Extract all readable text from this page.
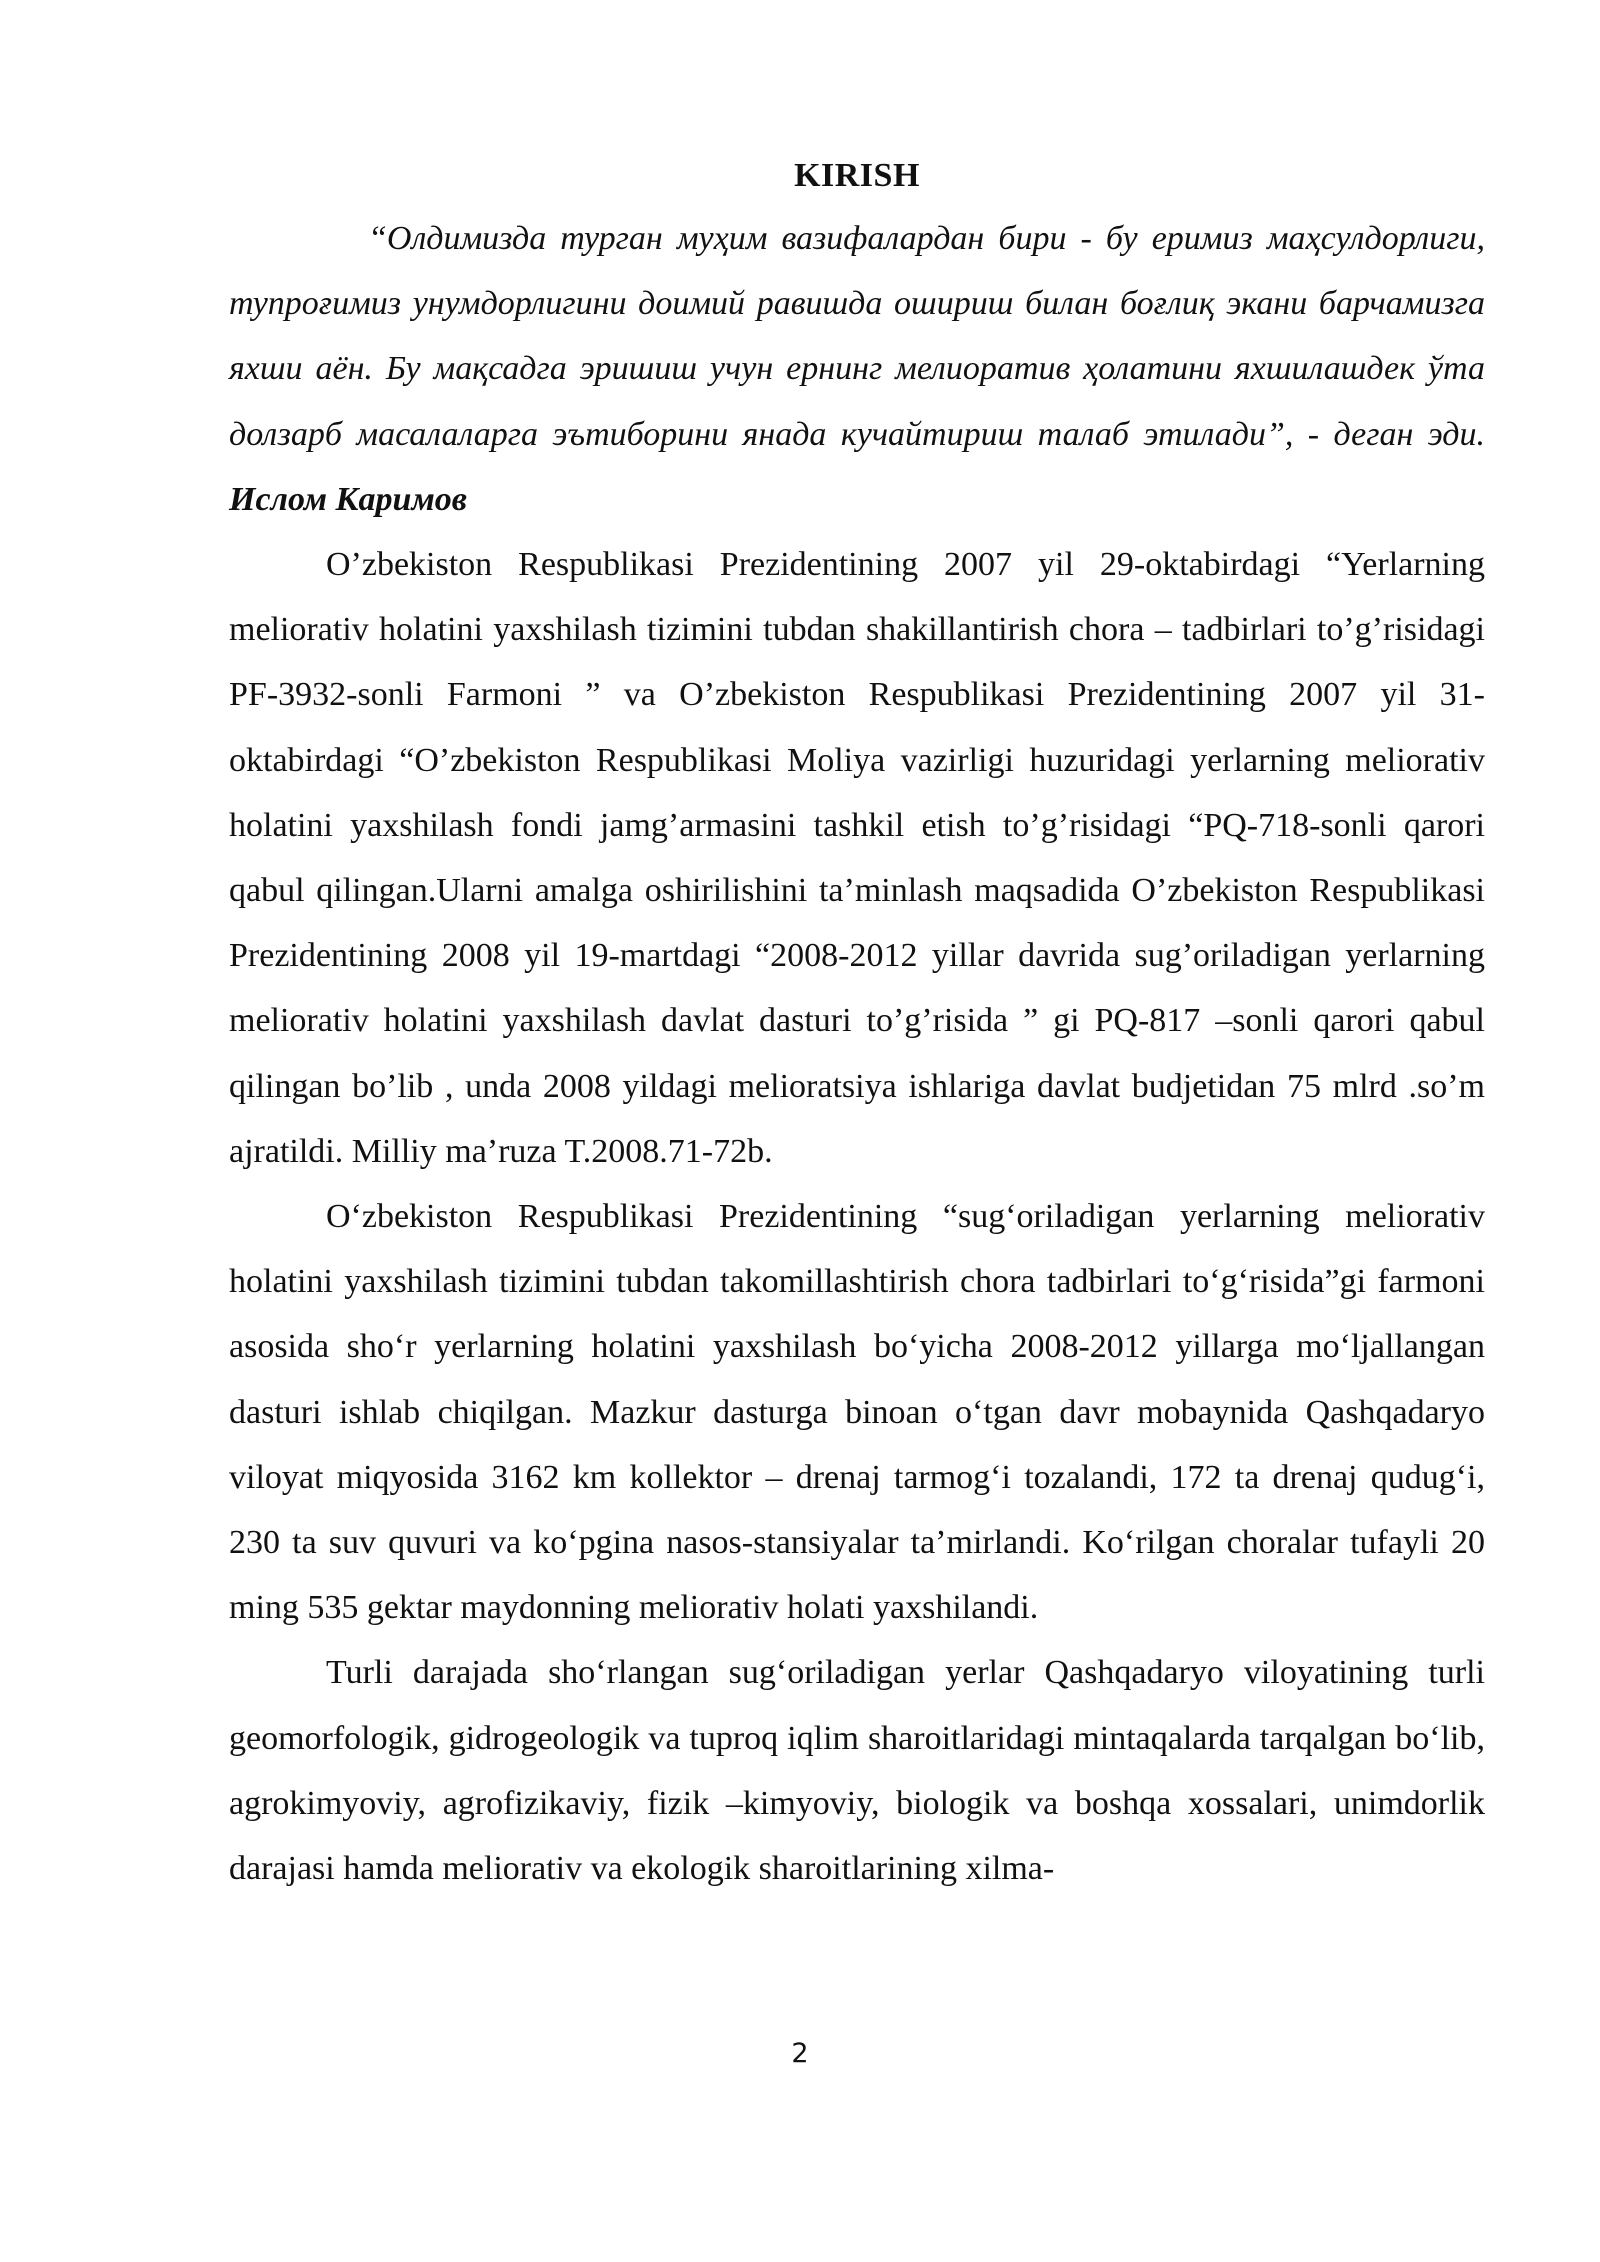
KIRISH

“Олдимизда турган муҳим вазифалардан бири - бу еримиз маҳсулдорлиги, тупроғимиз унумдорлигини доимий равишда ошириш билан боғлиқ экани барчамизга яхши аён. Бу мақсадга эришиш учун ернинг мелиоратив ҳолатини яхшилашдек ўта долзарб масалаларга эътиборини янада кучайтириш талаб этилади”, - деган эди. Ислом Каримов

O’zbekiston Respublikasi Prezidentining 2007 yil 29-oktabirdagi “Yerlarning meliorativ holatini yaxshilash tizimini tubdan shakillantirish chora – tadbirlari to’g’risidagi PF-3932-sonli Farmoni ” va O’zbekiston Respublikasi Prezidentining 2007 yil 31-oktabirdagi “O’zbekiston Respublikasi Moliya vazirligi huzuridagi yerlarning meliorativ holatini yaxshilash fondi jamg’armasini tashkil etish to’g’risidagi “PQ-718-sonli qarori qabul qilingan.Ularni amalga oshirilishini ta’minlash maqsadida O’zbekiston Respublikasi Prezidentining 2008 yil 19-martdagi “2008-2012 yillar davrida sug’oriladigan yerlarning meliorativ holatini yaxshilash davlat dasturi to’g’risida ” gi PQ-817 –sonli qarori qabul qilingan bo’lib , unda 2008 yildagi melioratsiya ishlariga davlat budjetidan 75 mlrd .so’m ajratildi. Milliy ma’ruza T.2008.71-72b.

O‘zbekiston Respublikasi Prezidentining “sug‘oriladigan yerlarning meliorativ holatini yaxshilash tizimini tubdan takomillashtirish chora tadbirlari to‘g‘risida”gi farmoni asosida sho‘r yerlarning holatini yaxshilash bo‘yicha 2008-2012 yillarga mo‘ljallangan dasturi ishlab chiqilgan. Mazkur dasturga binoan o‘tgan davr mobaynida Qashqadaryo viloyat miqyosida 3162 km kollektor – drenaj tarmog‘i tozalandi, 172 ta drenaj qudug‘i, 230 ta suv quvuri va ko‘pgina nasos-stansiyalar ta’mirlandi. Ko‘rilgan choralar tufayli 20 ming 535 gektar maydonning meliorativ holati yaxshilandi.

Turli darajada sho‘rlangan sug‘oriladigan yerlar Qashqadaryo viloyatining turli geomorfologik, gidrogeologik va tuproq iqlim sharoitlaridagi mintaqalarda tarqalgan bo‘lib, agrokimyoviy, agrofizikaviy, fizik –kimyoviy, biologik va boshqa xossalari, unimdorlik darajasi hamda meliorativ va ekologik sharoitlarining xilma-

2
